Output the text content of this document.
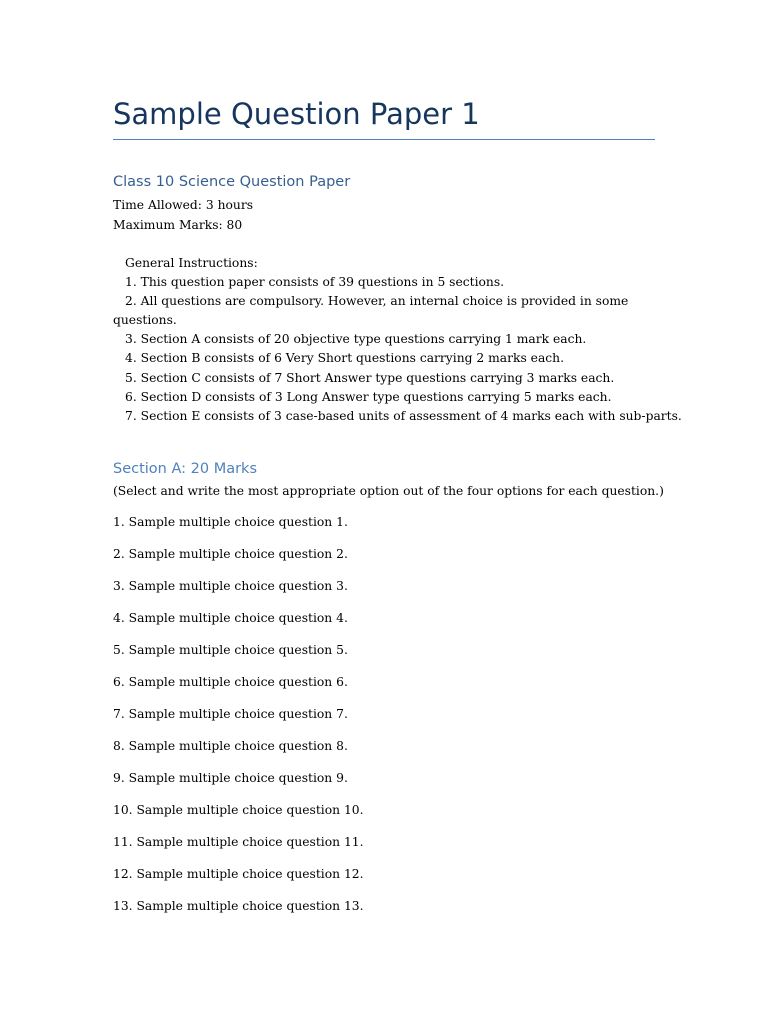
Sample Question Paper 1
Class 10 Science Question Paper
Time Allowed: 3 hours
Maximum Marks: 80
General Instructions:
1. This question paper consists of 39 questions in 5 sections.
2. All questions are compulsory. However, an internal choice is provided in some
questions.
3. Section A consists of 20 objective type questions carrying 1 mark each.
4. Section B consists of 6 Very Short questions carrying 2 marks each.
5. Section C consists of 7 Short Answer type questions carrying 3 marks each.
6. Section D consists of 3 Long Answer type questions carrying 5 marks each.
7. Section E consists of 3 case-based units of assessment of 4 marks each with sub-parts.
Section A: 20 Marks
(Select and write the most appropriate option out of the four options for each question.)
1. Sample multiple choice question 1.
2. Sample multiple choice question 2.
3. Sample multiple choice question 3.
4. Sample multiple choice question 4.
5. Sample multiple choice question 5.
6. Sample multiple choice question 6.
7. Sample multiple choice question 7.
8. Sample multiple choice question 8.
9. Sample multiple choice question 9.
10. Sample multiple choice question 10.
11. Sample multiple choice question 11.
12. Sample multiple choice question 12.
13. Sample multiple choice question 13.
